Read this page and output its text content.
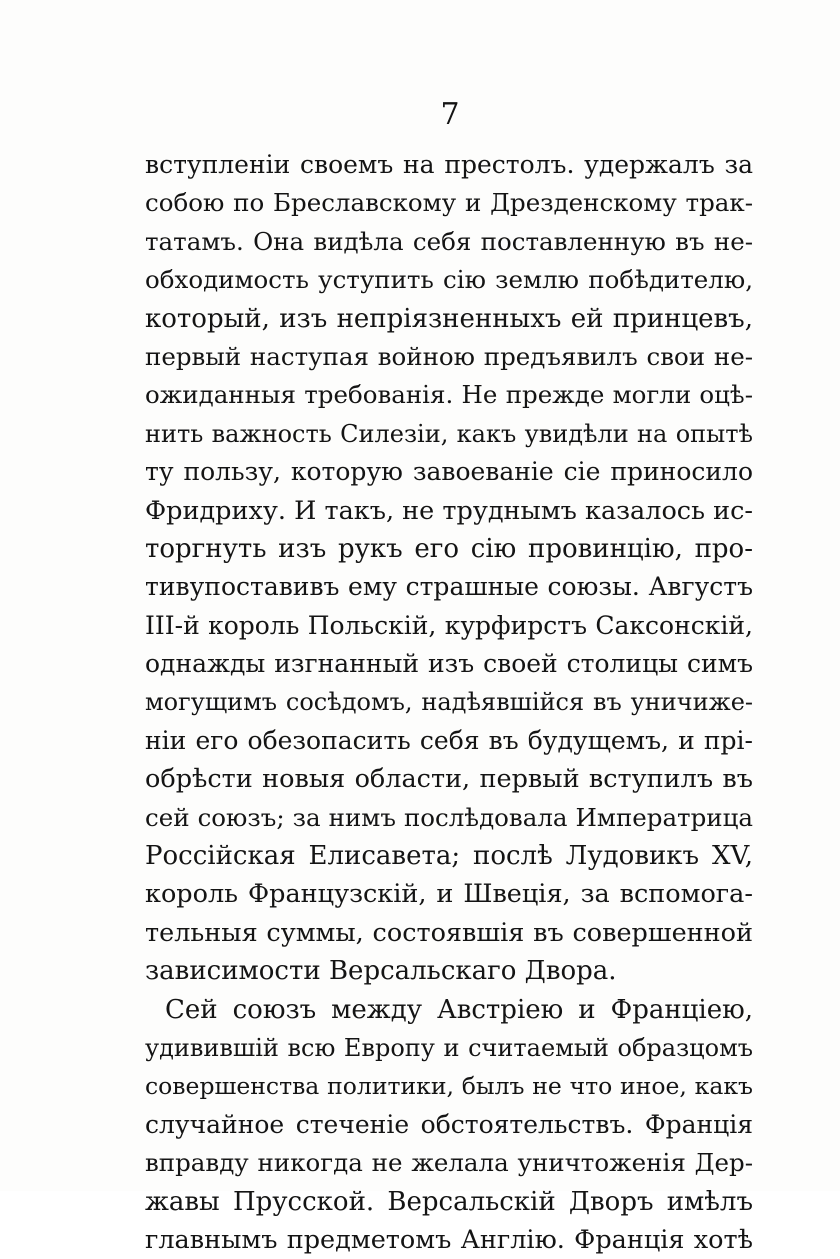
7
вступленіи своемъ на престолъ. удержалъ за
собою по Бреславскому и Дрезденскому трак-
татамъ. Она видѣла себя поставленную въ не-
обходимость уступить сію землю побѣдителю,
который, изъ непріязненныхъ ей принцевъ,
первый наступая войною предъявилъ свои не-
ожиданныя требованія. Не прежде могли оцѣ-
нить важность Силезіи, какъ увидѣли на опытѣ
ту пользу, которую завоеваніе сіе приносило
Фридриху. И такъ, не труднымъ казалось ис-
торгнуть изъ рукъ его сію провинцію, про-
тивупоставивъ ему страшные союзы. Августъ
III-й король Польскій, курфирстъ Саксонскій,
однажды изгнанный изъ своей столицы симъ
могущимъ сосѣдомъ, надѣявшійся въ уничиже-
ніи его обезопасить себя въ будущемъ, и прі-
обрѣсти новыя области, первый вступилъ въ
сей союзъ; за нимъ послѣдовала Императрица
Россійская Елисавета; послѣ Лудовикъ XV,
король Французскій, и Швеція, за вспомога-
тельныя суммы, состоявшія въ совершенной
зависимости Версальскаго Двора.
Сей союзъ между Австріею и Франціею,
удивившій всю Европу и считаемый образцомъ
совершенства политики, былъ не что иное, какъ
случайное стеченіе обстоятельствъ. Франція
вправду никогда не желала уничтоженія Дер-
жавы Прусской. Версальскій Дворъ имѣлъ
главнымъ предметомъ Англію. Франція хотѣ
